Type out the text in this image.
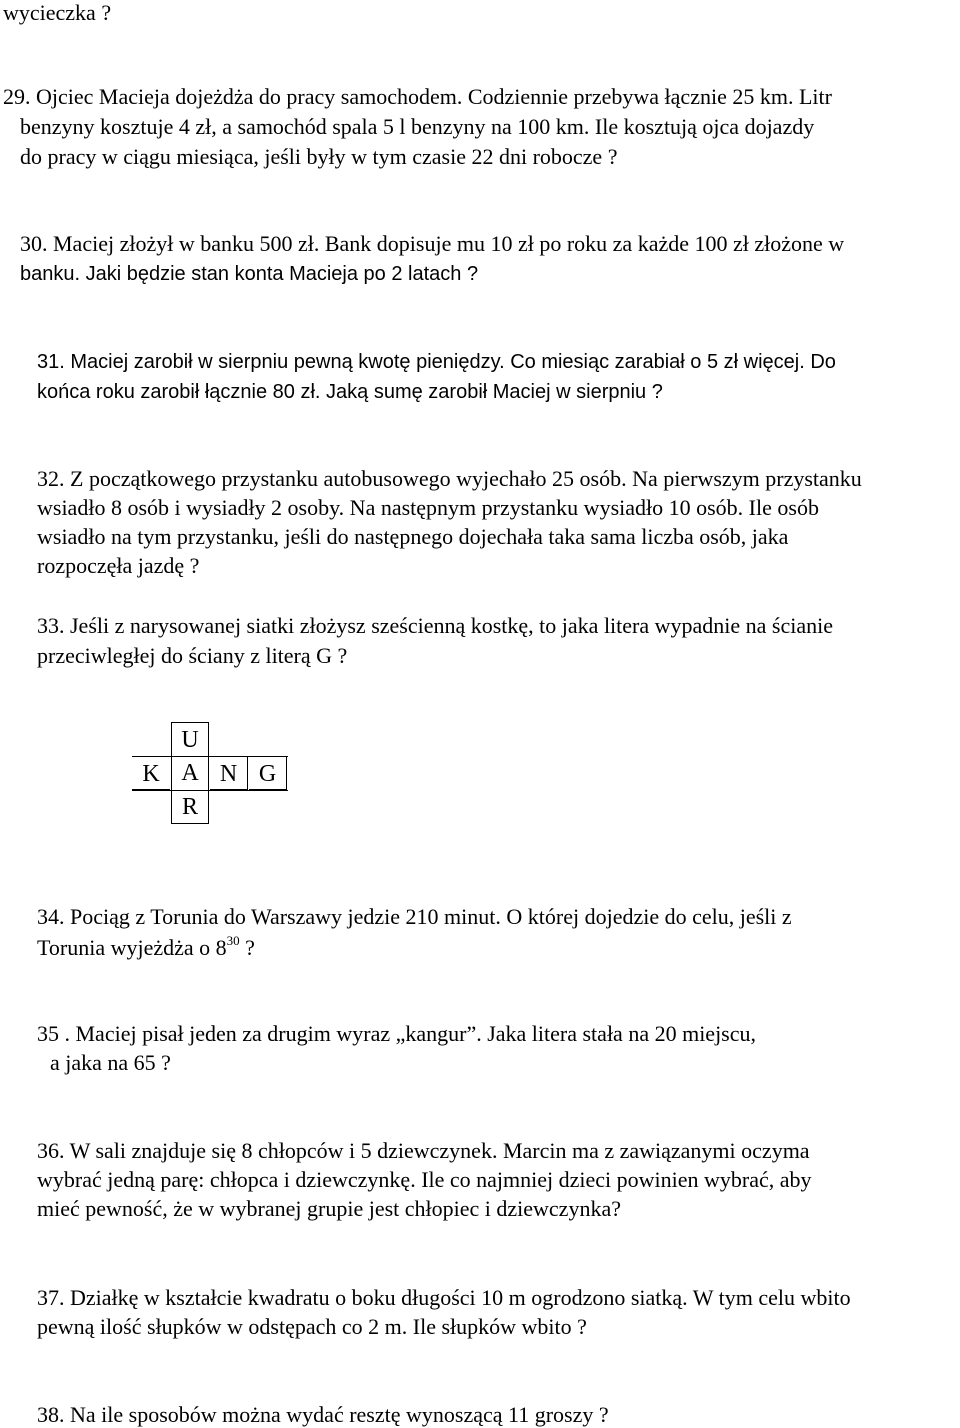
wycieczka ?
29. Ojciec Macieja dojeżdża do pracy samochodem. Codziennie przebywa łącznie 25 km. Litr
benzyny kosztuje 4 zł, a samochód spala 5 l benzyny na 100 km. Ile kosztują ojca dojazdy
do pracy w ciągu miesiąca, jeśli były w tym czasie 22 dni robocze ?
30. Maciej złożył w banku 500 zł. Bank dopisuje mu 10 zł po roku za każde 100 zł złożone w
banku. Jaki będzie stan konta Macieja po 2 latach ?
31. Maciej zarobił w sierpniu pewną kwotę pieniędzy. Co miesiąc zarabiał o 5 zł więcej. Do
końca roku zarobił łącznie 80 zł. Jaką sumę zarobił Maciej w sierpniu ?
32. Z początkowego przystanku autobusowego wyjechało 25 osób. Na pierwszym przystanku
wsiadło 8 osób i wysiadły 2 osoby. Na następnym przystanku wysiadło 10 osób. Ile osób
wsiadło na tym przystanku, jeśli do następnego dojechała taka sama liczba osób, jaka
rozpoczęła jazdę ?
33. Jeśli z narysowanej siatki złożysz sześcienną kostkę, to jaka litera wypadnie na ścianie
przeciwległej do ściany z literą G ?
U
K A N G
R
34. Pociąg z Torunia do Warszawy jedzie 210 minut. O której dojedzie do celu, jeśli z
Torunia wyjeżdża o $8^{30}$ ?
35 . Maciej pisał jeden za drugim wyraz „kangur”. Jaka litera stała na 20 miejscu,
a jaka na 65 ?
36. W sali znajduje się 8 chłopców i 5 dziewczynek. Marcin ma z zawiązanymi oczyma
wybrać jedną parę: chłopca i dziewczynkę. Ile co najmniej dzieci powinien wybrać, aby
mieć pewność, że w wybranej grupie jest chłopiec i dziewczynka?
37. Działkę w kształcie kwadratu o boku długości 10 m ogrodzono siatką. W tym celu wbito
pewną ilość słupków w odstępach co 2 m. Ile słupków wbito ?
38. Na ile sposobów można wydać resztę wynoszącą 11 groszy ?
